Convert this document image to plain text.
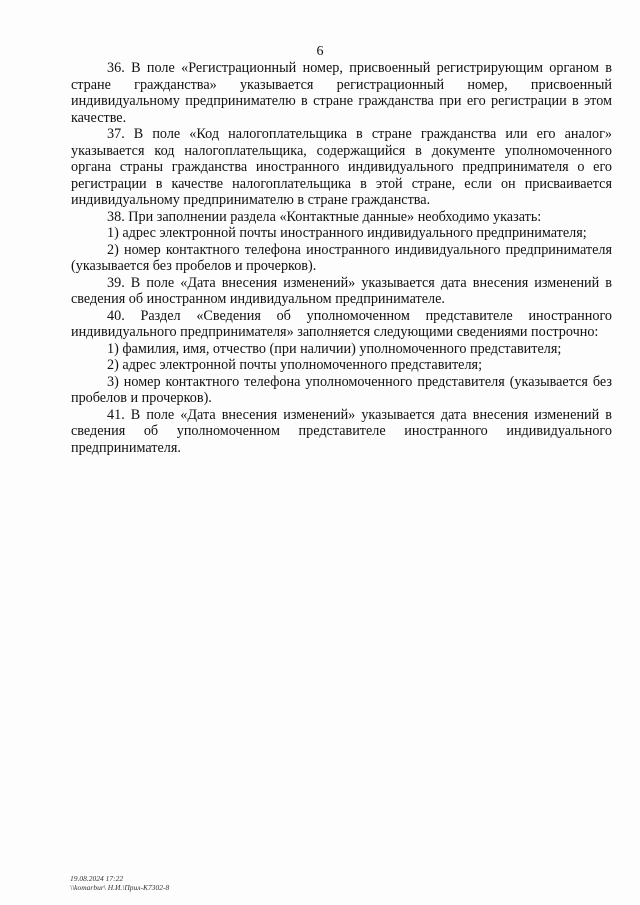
6

36. В поле «Регистрационный номер, присвоенный регистрирующим органом в стране гражданства» указывается регистрационный номер, присвоенный индивидуальному предпринимателю в стране гражданства при его регистрации в этом качестве.

37. В поле «Код налогоплательщика в стране гражданства или его аналог» указывается код налогоплательщика, содержащийся в документе уполномоченного органа страны гражданства иностранного индивидуального предпринимателя о его регистрации в качестве налогоплательщика в этой стране, если он присваивается индивидуальному предпринимателю в стране гражданства.

38. При заполнении раздела «Контактные данные» необходимо указать:

1) адрес электронной почты иностранного индивидуального предпринимателя;

2) номер контактного телефона иностранного индивидуального предпринимателя (указывается без пробелов и прочерков).

39. В поле «Дата внесения изменений» указывается дата внесения изменений в сведения об иностранном индивидуальном предпринимателе.

40. Раздел «Сведения об уполномоченном представителе иностранного индивидуального предпринимателя» заполняется следующими сведениями построчно:

1) фамилия, имя, отчество (при наличии) уполномоченного представителя;

2) адрес электронной почты уполномоченного представителя;

3) номер контактного телефона уполномоченного представителя (указывается без пробелов и прочерков).

41. В поле «Дата внесения изменений» указывается дата внесения изменений в сведения об уполномоченном представителе иностранного индивидуального предпринимателя.

19.08.2024 17:22
\\komarbur\ Н.И.\Прил-К7302-8
